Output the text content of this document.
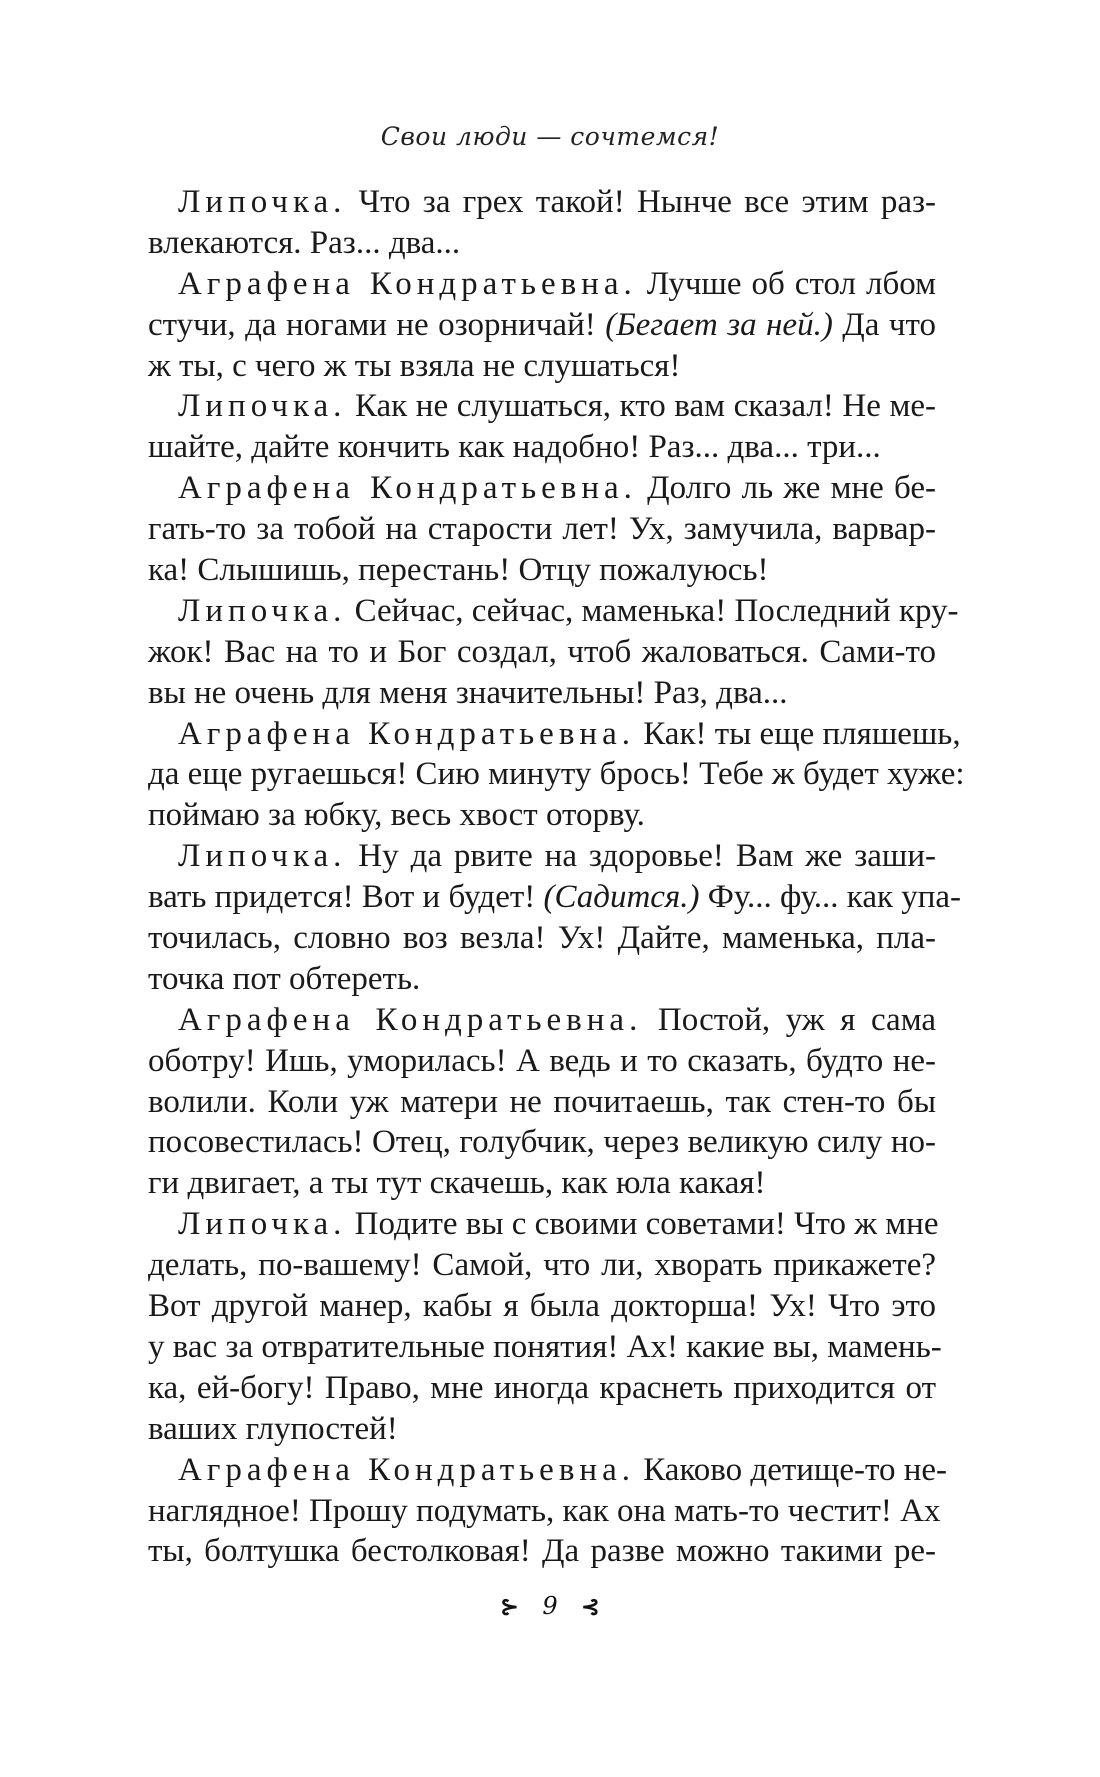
Свои люди — сочтемся!
Липочка. Что за грех такой! Нынче все этим раз-
влекаются. Раз... два...
Аграфена Кондратьевна. Лучше об стол лбом
стучи, да ногами не озорничай! (Бегает за ней.) Да что
ж ты, с чего ж ты взяла не слушаться!
Липочка. Как не слушаться, кто вам сказал! Не ме-
шайте, дайте кончить как надобно! Раз... два... три...
Аграфена Кондратьевна. Долго ль же мне бе-
гать-то за тобой на старости лет! Ух, замучила, варвар-
ка! Слышишь, перестань! Отцу пожалуюсь!
Липочка. Сейчас, сейчас, маменька! Последний кру-
жок! Вас на то и Бог создал, чтоб жаловаться. Сами-то
вы не очень для меня значительны! Раз, два...
Аграфена Кондратьевна. Как! ты еще пляшешь,
да еще ругаешься! Сию минуту брось! Тебе ж будет хуже:
поймаю за юбку, весь хвост оторву.
Липочка. Ну да рвите на здоровье! Вам же заши-
вать придется! Вот и будет! (Садится.) Фу... фу... как упа-
точилась, словно воз везла! Ух! Дайте, маменька, пла-
точка пот обтереть.
Аграфена Кондратьевна. Постой, уж я сама
оботру! Ишь, уморилась! А ведь и то сказать, будто не-
волили. Коли уж матери не почитаешь, так стен-то бы
посовестилась! Отец, голубчик, через великую силу но-
ги двигает, а ты тут скачешь, как юла какая!
Липочка. Подите вы с своими советами! Что ж мне
делать, по-вашему! Самой, что ли, хворать прикажете?
Вот другой манер, кабы я была докторша! Ух! Что это
у вас за отвратительные понятия! Ах! какие вы, мамень-
ка, ей-богу! Право, мне иногда краснеть приходится от
ваших глупостей!
Аграфена Кондратьевна. Каково детище-то не-
наглядное! Прошу подумать, как она мать-то честит! Ах
ты, болтушка бестолковая! Да разве можно такими ре-
⊱ 9 ⊰
